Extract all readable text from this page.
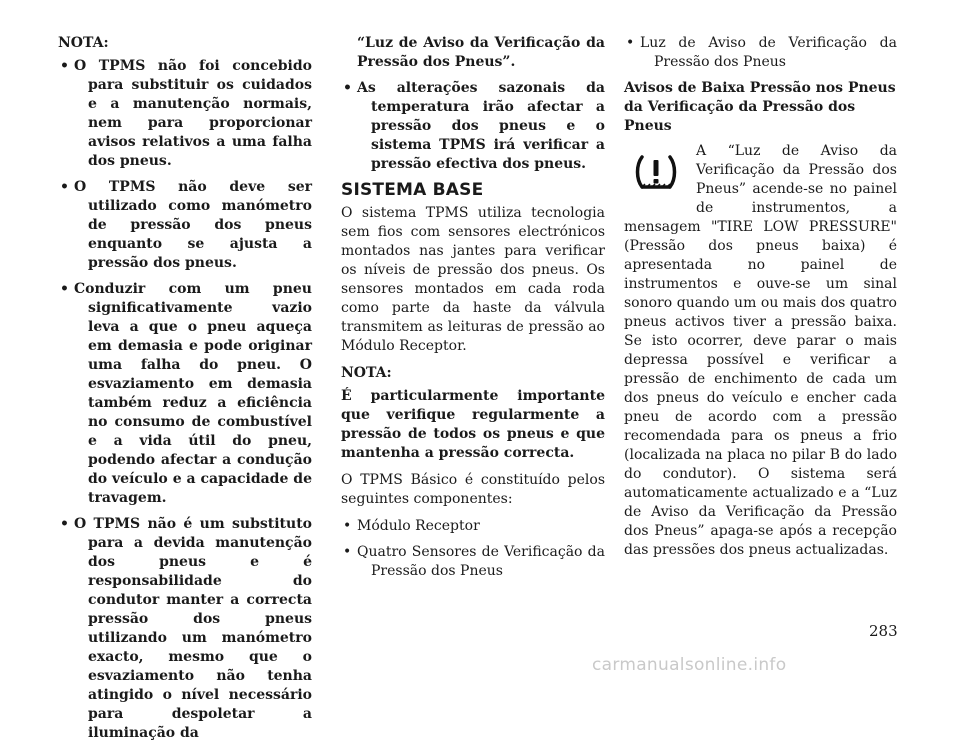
NOTA:

• O TPMS não foi concebido para substituir os cuidados e a manutenção normais, nem para proporcionar avisos relativos a uma falha dos pneus.
• O TPMS não deve ser utilizado como manómetro de pressão dos pneus enquanto se ajusta a pressão dos pneus.
• Conduzir com um pneu significativamente vazio leva a que o pneu aqueça em demasia e pode originar uma falha do pneu. O esvaziamento em demasia também reduz a eficiência no consumo de combustível e a vida útil do pneu, podendo afectar a condução do veículo e a capacidade de travagem.
• O TPMS não é um substituto para a devida manutenção dos pneus e é responsabilidade do condutor manter a correcta pressão dos pneus utilizando um manómetro exacto, mesmo que o esvaziamento não tenha atingido o nível necessário para despoletar a iluminação da
“Luz de Aviso da Verificação da Pressão dos Pneus”.
• As alterações sazonais da temperatura irão afectar a pressão dos pneus e o sistema TPMS irá verificar a pressão efectiva dos pneus.
SISTEMA BASE

O sistema TPMS utiliza tecnologia sem fios com sensores electrónicos montados nas jantes para verificar os níveis de pressão dos pneus. Os sensores montados em cada roda como parte da haste da válvula transmitem as leituras de pressão ao Módulo Receptor.

NOTA:

É particularmente importante que verifique regularmente a pressão de todos os pneus e que mantenha a pressão correcta.

O TPMS Básico é constituído pelos seguintes componentes:

• Módulo Receptor
• Quatro Sensores de Verificação da Pressão dos Pneus
• Luz de Aviso de Verificação da Pressão dos Pneus
Avisos de Baixa Pressão nos Pneus da Verificação da Pressão dos Pneus

A “Luz de Aviso da Verificação da Pressão dos Pneus” acende-se no painel de instrumentos, a mensagem "TIRE LOW PRESSURE" (Pressão dos pneus baixa) é apresentada no painel de instrumentos e ouve-se um sinal sonoro quando um ou mais dos quatro pneus activos tiver a pressão baixa. Se isto ocorrer, deve parar o mais depressa possível e verificar a pressão de enchimento de cada um dos pneus do veículo e encher cada pneu de acordo com a pressão recomendada para os pneus a frio (localizada na placa no pilar B do lado do condutor). O sistema será automaticamente actualizado e a “Luz de Aviso da Verificação da Pressão dos Pneus” apaga-se após a recepção das pressões dos pneus actualizadas.

283
carmanualsonline.info
